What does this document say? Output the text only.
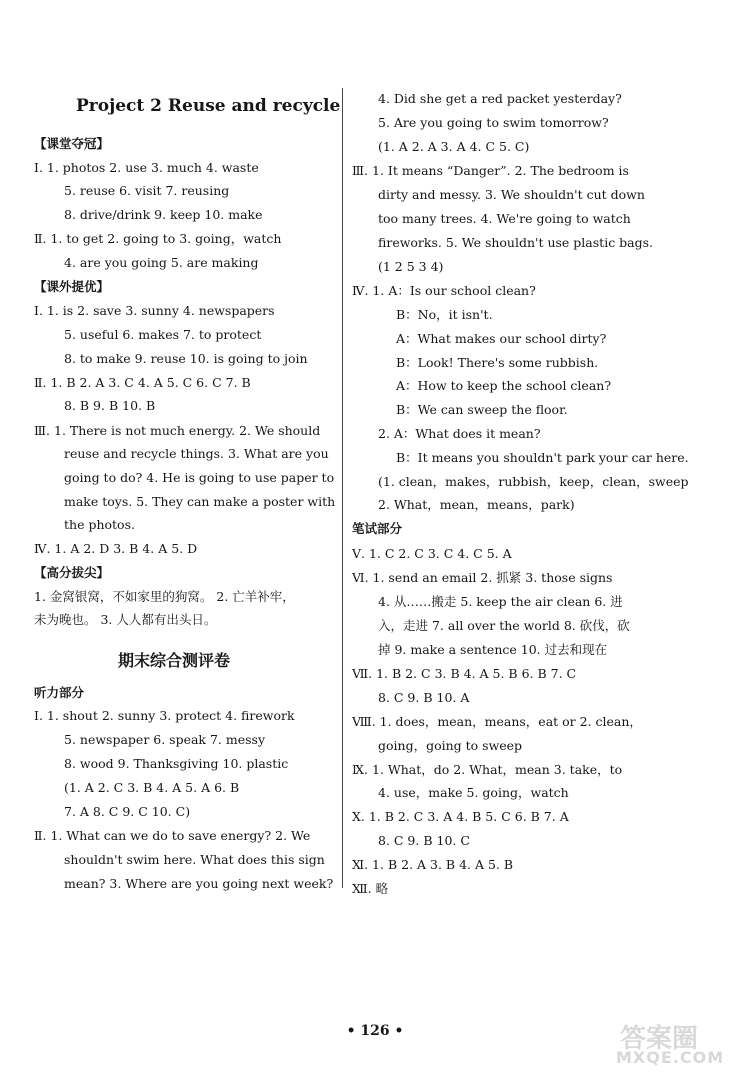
Project 2 Reuse and recycle
【课堂夺冠】
Ⅰ. 1. photos 2. use 3. much 4. waste
5. reuse 6. visit 7. reusing
8. drive/drink 9. keep 10. make
Ⅱ. 1. to get 2. going to 3. going，watch
4. are you going 5. are making
【课外提优】
Ⅰ. 1. is 2. save 3. sunny 4. newspapers
5. useful 6. makes 7. to protect
8. to make 9. reuse 10. is going to join
Ⅱ. 1. B 2. A 3. C 4. A 5. C 6. C 7. B
8. B 9. B 10. B
Ⅲ. 1. There is not much energy. 2. We should
reuse and recycle things. 3. What are you
going to do? 4. He is going to use paper to
make toys. 5. They can make a poster with
the photos.
Ⅳ. 1. A 2. D 3. B 4. A 5. D
【高分拔尖】
1. 金窝银窝，不如家里的狗窝。 2. 亡羊补牢，
未为晚也。 3. 人人都有出头日。
期末综合测评卷
听力部分
Ⅰ. 1. shout 2. sunny 3. protect 4. firework
5. newspaper 6. speak 7. messy
8. wood 9. Thanksgiving 10. plastic
(1. A 2. C 3. B 4. A 5. A 6. B
7. A 8. C 9. C 10. C)
Ⅱ. 1. What can we do to save energy? 2. We
shouldn't swim here. What does this sign
mean? 3. Where are you going next week?
4. Did she get a red packet yesterday?
5. Are you going to swim tomorrow?
(1. A 2. A 3. A 4. C 5. C)
Ⅲ. 1. It means “Danger”. 2. The bedroom is
dirty and messy. 3. We shouldn't cut down
too many trees. 4. We're going to watch
fireworks. 5. We shouldn't use plastic bags.
(1 2 5 3 4)
Ⅳ. 1. A：Is our school clean?
B：No，it isn't.
A：What makes our school dirty?
B：Look! There's some rubbish.
A：How to keep the school clean?
B：We can sweep the floor.
2. A：What does it mean?
B：It means you shouldn't park your car here.
(1. clean，makes，rubbish，keep，clean，sweep
2. What，mean，means，park)
笔试部分
Ⅴ. 1. C 2. C 3. C 4. C 5. A
Ⅵ. 1. send an email 2. 抓紧 3. those signs
4. 从……搬走 5. keep the air clean 6. 进
入，走进 7. all over the world 8. 砍伐，砍
掉 9. make a sentence 10. 过去和现在
Ⅶ. 1. B 2. C 3. B 4. A 5. B 6. B 7. C
8. C 9. B 10. A
Ⅷ. 1. does，mean，means，eat or 2. clean，
going，going to sweep
Ⅸ. 1. What，do 2. What，mean 3. take，to
4. use，make 5. going，watch
Ⅹ. 1. B 2. C 3. A 4. B 5. C 6. B 7. A
8. C 9. B 10. C
Ⅺ. 1. B 2. A 3. B 4. A 5. B
Ⅻ. 略
• 126 •	答案圈
MXQE.COM
